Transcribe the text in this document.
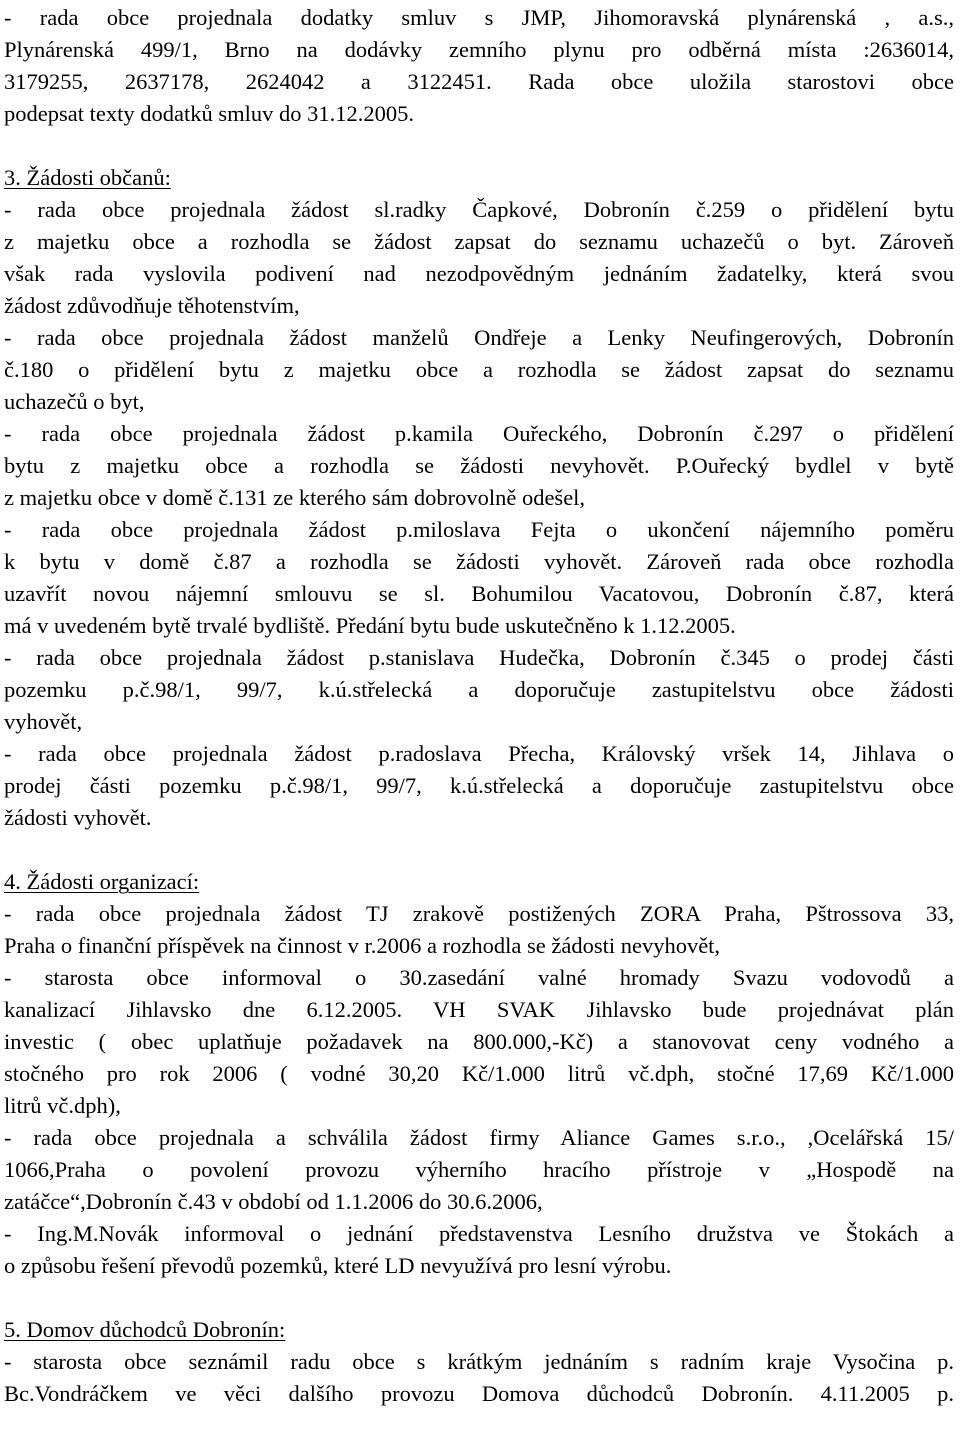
- rada obce projednala dodatky smluv s JMP, Jihomoravská plynárenská , a.s.,
Plynárenská 499/1, Brno na dodávky zemního plynu pro odběrná místa :2636014,
3179255, 2637178, 2624042 a 3122451. Rada obce uložila starostovi obce
podepsat texty dodatků smluv do 31.12.2005.
3. Žádosti občanů:
- rada obce projednala žádost sl.radky Čapkové, Dobronín č.259 o přidělení bytu
z majetku obce a rozhodla se žádost zapsat do seznamu uchazečů o byt. Zároveň
však rada vyslovila podivení nad nezodpovědným jednáním žadatelky, která svou
žádost zdůvodňuje těhotenstvím,
- rada obce projednala žádost manželů Ondřeje a Lenky Neufingerových, Dobronín
č.180 o přidělení bytu z majetku obce a rozhodla se žádost zapsat do seznamu
uchazečů o byt,
- rada obce projednala žádost p.kamila Ouřeckého, Dobronín č.297 o přidělení
bytu z majetku obce a rozhodla se žádosti nevyhovět. P.Ouřecký bydlel v bytě
z majetku obce v domě č.131 ze kterého sám dobrovolně odešel,
- rada obce projednala žádost p.miloslava Fejta o ukončení nájemního poměru
k bytu v domě č.87 a rozhodla se žádosti vyhovět. Zároveň rada obce rozhodla
uzavřít novou nájemní smlouvu se sl. Bohumilou Vacatovou, Dobronín č.87, která
má v uvedeném bytě trvalé bydliště. Předání bytu bude uskutečněno k 1.12.2005.
- rada obce projednala žádost p.stanislava Hudečka, Dobronín č.345 o prodej části
pozemku p.č.98/1, 99/7, k.ú.střelecká a doporučuje zastupitelstvu obce žádosti
vyhovět,
- rada obce projednala žádost p.radoslava Přecha, Královský vršek 14, Jihlava o
prodej části pozemku p.č.98/1, 99/7, k.ú.střelecká a doporučuje zastupitelstvu obce
žádosti vyhovět.
4. Žádosti organizací:
- rada obce projednala žádost TJ zrakově postižených ZORA Praha, Pštrossova 33,
Praha o finanční příspěvek na činnost v r.2006 a rozhodla se žádosti nevyhovět,
- starosta obce informoval o 30.zasedání valné hromady Svazu vodovodů a
kanalizací Jihlavsko dne 6.12.2005. VH SVAK Jihlavsko bude projednávat plán
investic ( obec uplatňuje požadavek na 800.000,-Kč) a stanovovat ceny vodného a
stočného pro rok 2006 ( vodné 30,20 Kč/1.000 litrů vč.dph, stočné 17,69 Kč/1.000
litrů vč.dph),
- rada obce projednala a schválila žádost firmy Aliance Games s.r.o., ,Ocelářská 15/
1066,Praha o povolení provozu výherního hracího přístroje v „Hospodě na
zatáčce“,Dobronín č.43 v období od 1.1.2006 do 30.6.2006,
- Ing.M.Novák informoval o jednání představenstva Lesního družstva ve Štokách a
o způsobu řešení převodů pozemků, které LD nevyužívá pro lesní výrobu.
5. Domov důchodců Dobronín:
- starosta obce seznámil radu obce s krátkým jednáním s radním kraje Vysočina p.
Bc.Vondráčkem ve věci dalšího provozu Domova důchodců Dobronín. 4.11.2005 p.
